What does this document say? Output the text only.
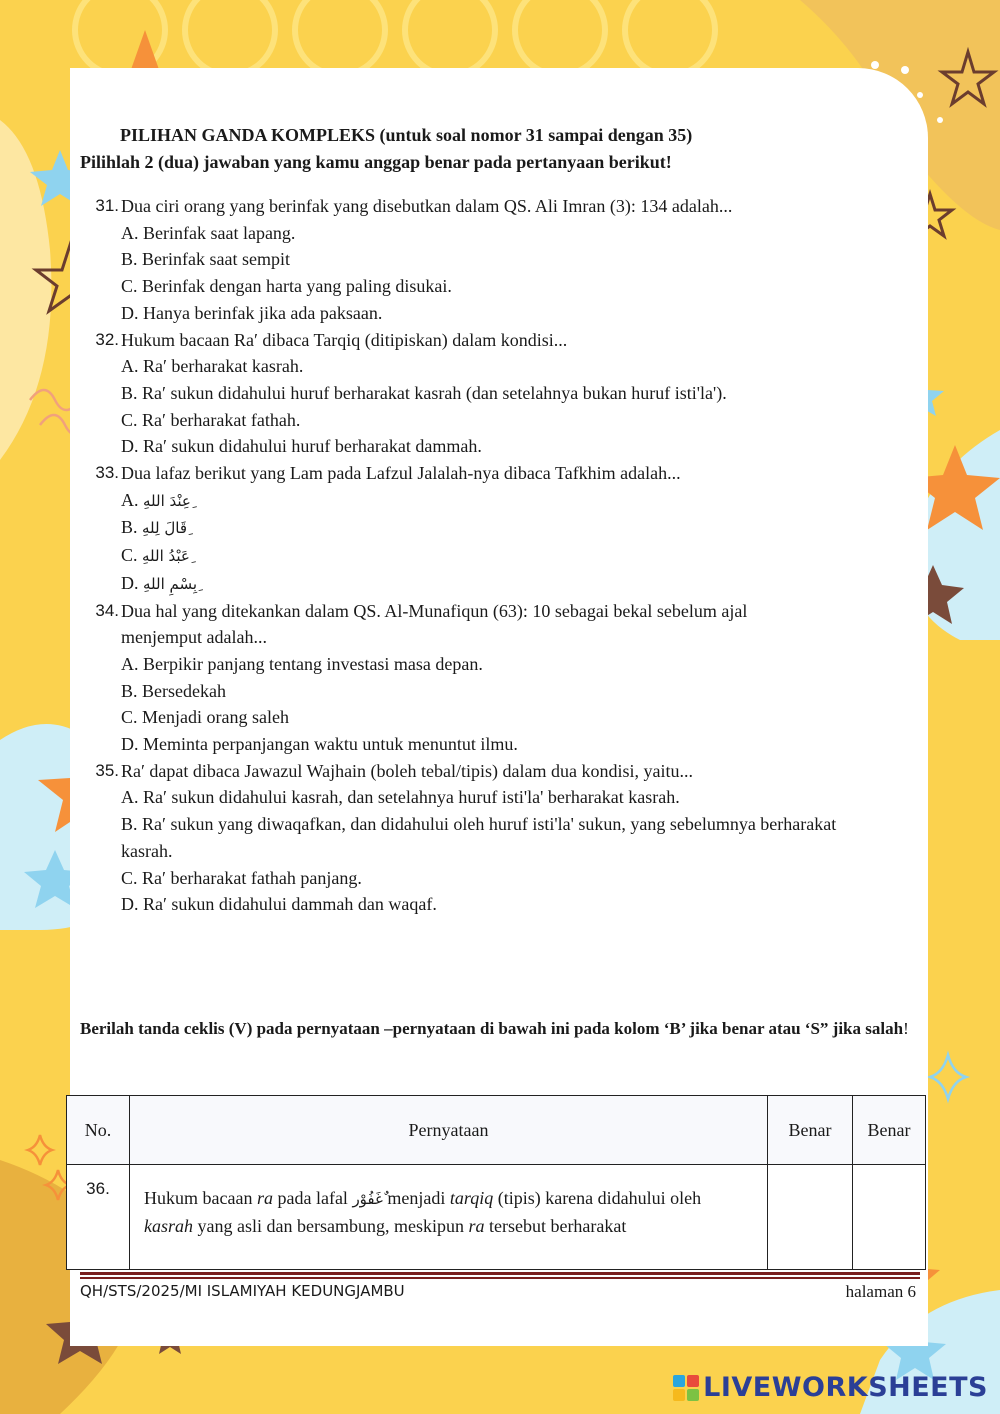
PILIHAN GANDA KOMPLEKS (untuk soal nomor 31 sampai dengan 35)
Pilihlah 2 (dua) jawaban yang kamu anggap benar pada pertanyaan berikut!
31. Dua ciri orang yang berinfak yang disebutkan dalam QS. Ali Imran (3): 134 adalah...
A. Berinfak saat lapang.
B. Berinfak saat sempit
C. Berinfak dengan harta yang paling disukai.
D. Hanya berinfak jika ada paksaan.
32. Hukum bacaan Ra′ dibaca Tarqiq (ditipiskan) dalam kondisi...
A. Ra′ berharakat kasrah.
B. Ra′ sukun didahului huruf berharakat kasrah (dan setelahnya bukan huruf isti'la').
C. Ra′ berharakat fathah.
D. Ra′ sukun didahului huruf berharakat dammah.
33. Dua lafaz berikut yang Lam pada Lafzul Jalalah-nya dibaca Tafkhim adalah...
A. ِعِنْدَ اللهِ
B. ِقَالَ لِلهِ
C. ِعَبْدُ اللهِ
D. ِبِسْمِ اللهِ
34. Dua hal yang ditekankan dalam QS. Al-Munafiqun (63): 10 sebagai bekal sebelum ajal menjemput adalah...
A. Berpikir panjang tentang investasi masa depan.
B. Bersedekah
C. Menjadi orang saleh
D. Meminta perpanjangan waktu untuk menuntut ilmu.
35. Ra′ dapat dibaca Jawazul Wajhain (boleh tebal/tipis) dalam dua kondisi, yaitu...
A. Ra′ sukun didahului kasrah, dan setelahnya huruf isti'la' berharakat kasrah.
B. Ra′ sukun yang diwaqafkan, dan didahului oleh huruf isti'la' sukun, yang sebelumnya berharakat kasrah.
C. Ra′ berharakat fathah panjang.
D. Ra′ sukun didahului dammah dan waqaf.
Berilah tanda ceklis (V) pada pernyataan –pernyataan di bawah ini pada kolom ‘B’ jika benar atau ‘S” jika salah!
No.	Pernyataan	Benar	Benar
36.	Hukum bacaan ra pada lafal ٌغَفُوْر menjadi tarqiq (tipis) karena didahului oleh kasrah yang asli dan bersambung, meskipun ra tersebut berharakat		
QH/STS/2025/MI ISLAMIYAH KEDUNGJAMBU	halaman 6
LIVEWORKSHEETS
